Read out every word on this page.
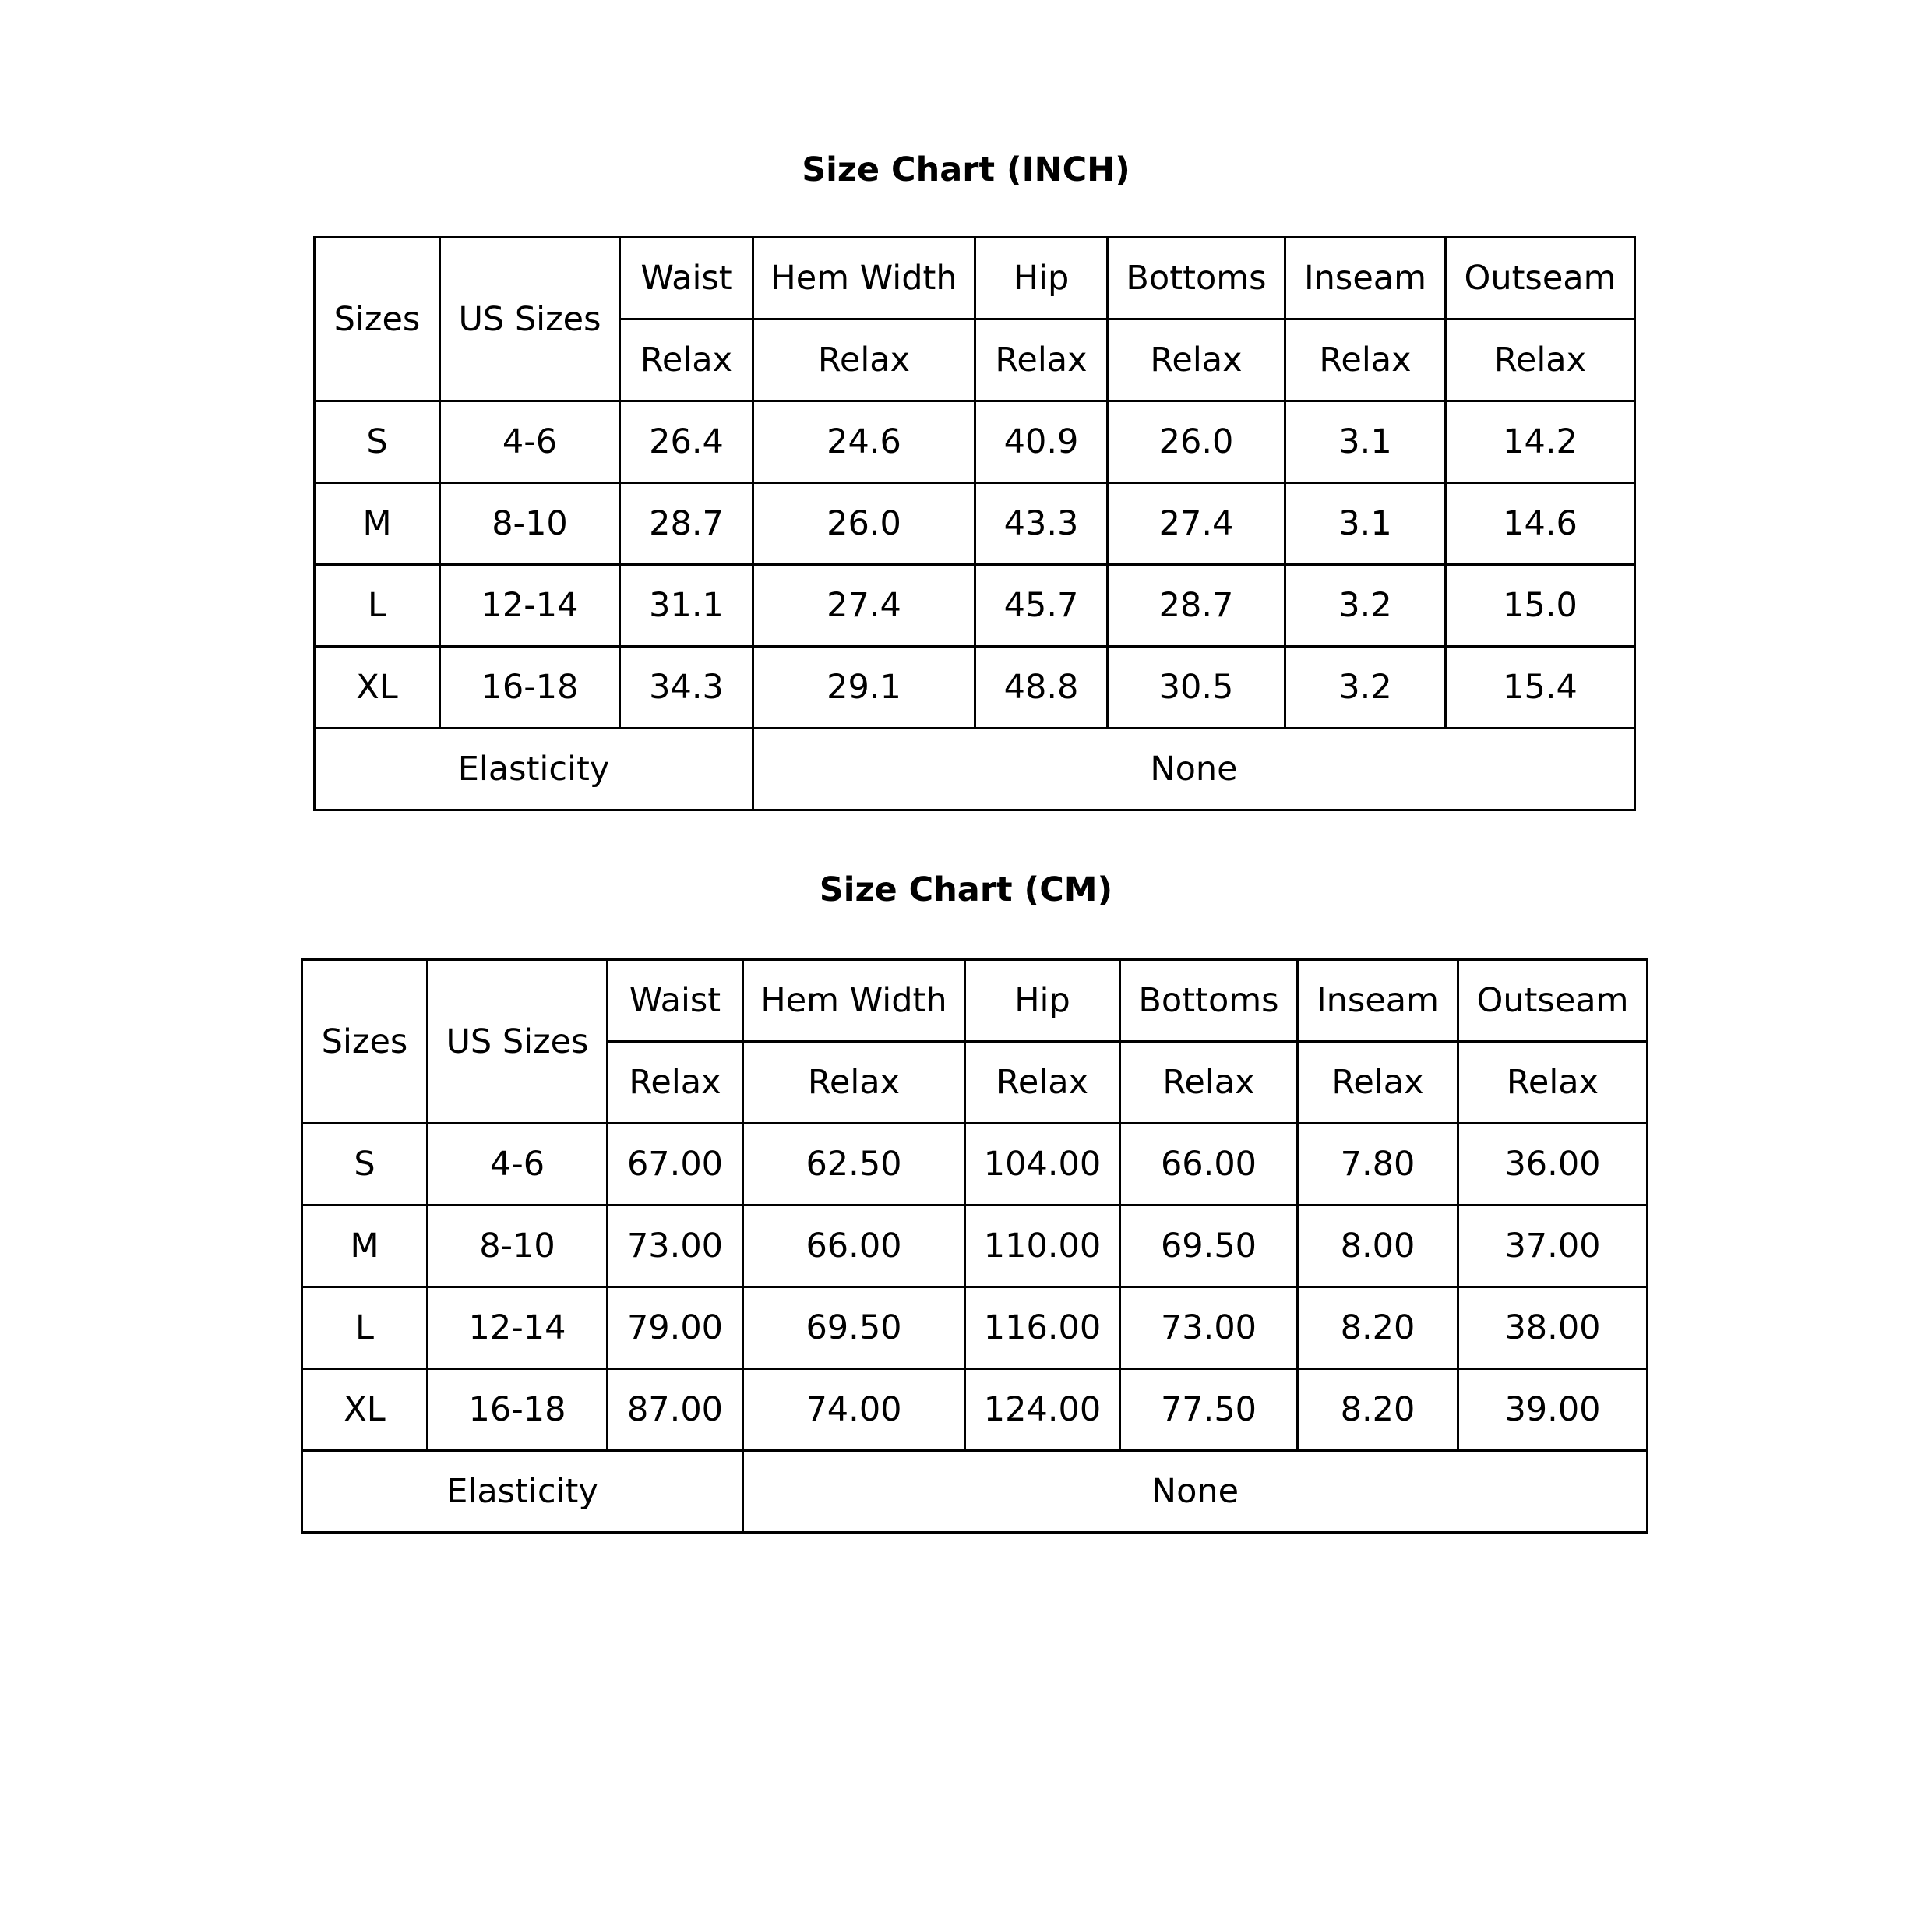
Size Chart (INCH)
Sizes	US Sizes	Waist	Hem Width	Hip	Bottoms	Inseam	Outseam
		Relax	Relax	Relax	Relax	Relax	Relax
S	4-6	26.4	24.6	40.9	26.0	3.1	14.2
M	8-10	28.7	26.0	43.3	27.4	3.1	14.6
L	12-14	31.1	27.4	45.7	28.7	3.2	15.0
XL	16-18	34.3	29.1	48.8	30.5	3.2	15.4
Elasticity			None				
Size Chart (CM)
Sizes	US Sizes	Waist	Hem Width	Hip	Bottoms	Inseam	Outseam
		Relax	Relax	Relax	Relax	Relax	Relax
S	4-6	67.00	62.50	104.00	66.00	7.80	36.00
M	8-10	73.00	66.00	110.00	69.50	8.00	37.00
L	12-14	79.00	69.50	116.00	73.00	8.20	38.00
XL	16-18	87.00	74.00	124.00	77.50	8.20	39.00
Elasticity			None				
